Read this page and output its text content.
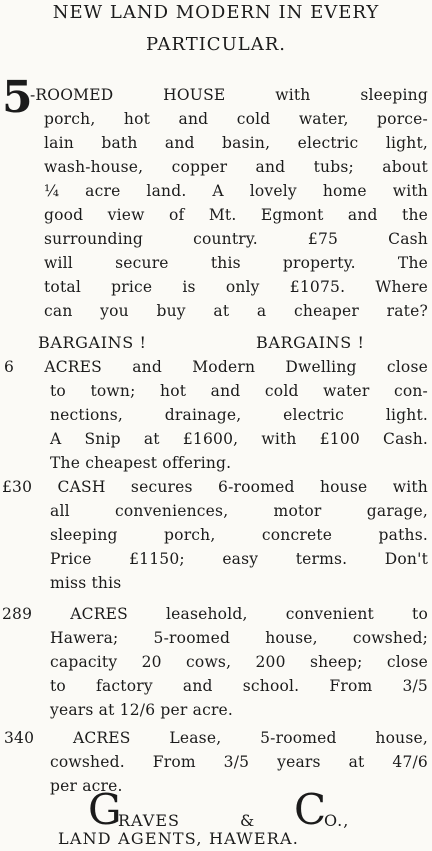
NEW LAND MODERN IN EVERY
PARTICULAR.
5
-ROOMED HOUSE with sleeping
porch, hot and cold water, porce-
lain bath and basin, electric light,
wash-house, copper and tubs; about
¼ acre land. A lovely home with
good view of Mt. Egmont and the
surrounding country. £75 Cash
will secure this property. The
total price is only £1075. Where
can you buy at a cheaper rate?
BARGAINS !	BARGAINS !
6 ACRES and Modern Dwelling close
to town; hot and cold water con-
nections, drainage, electric light.
A Snip at £1600, with £100 Cash.
The cheapest offering.
£30 CASH secures 6-roomed house with
all conveniences, motor garage,
sleeping porch, concrete paths.
Price £1150; easy terms. Don't
miss this
289 ACRES leasehold, convenient to
Hawera; 5-roomed house, cowshed;
capacity 20 cows, 200 sheep; close
to factory and school. From 3/5
years at 12/6 per acre.
340 ACRES Lease, 5-roomed house,
cowshed. From 3/5 years at 47/6
per acre.
G
RAVES	& C
O.,
LAND AGENTS, HAWERA.
